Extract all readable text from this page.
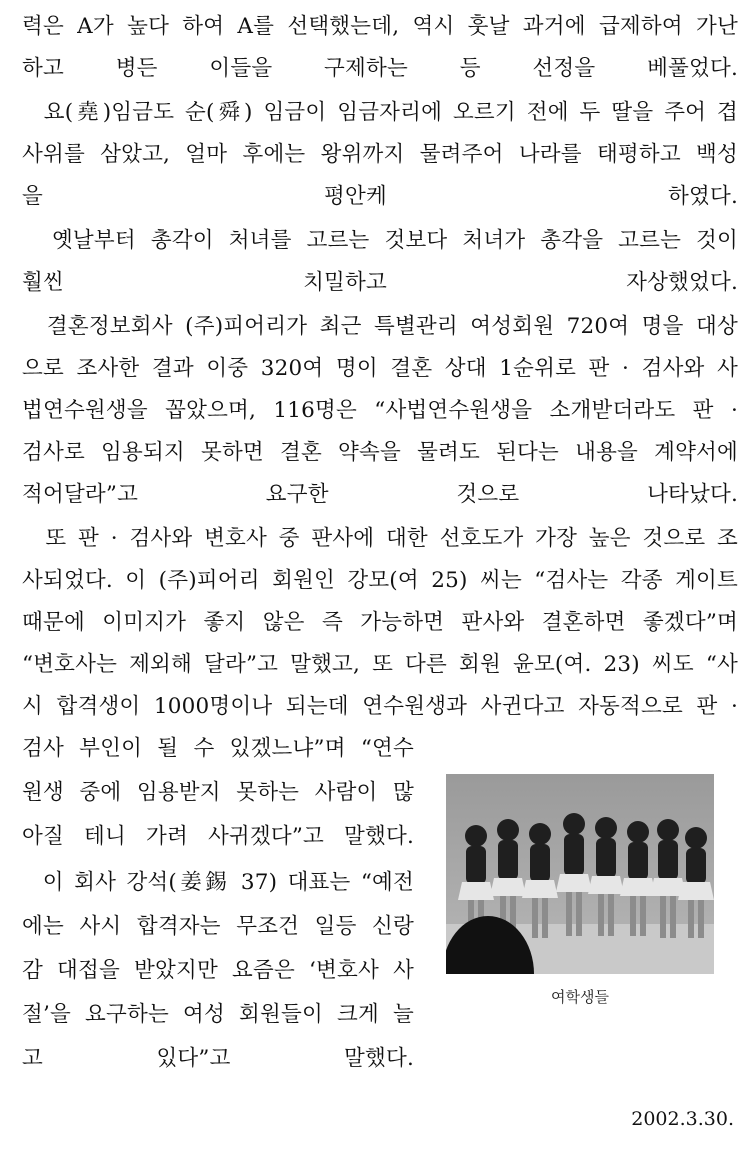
력은 A가 높다 하여 A를 선택했는데, 역시 훗날 과거에 급제하여 가난
하고 병든 이들을 구제하는 등 선정을 베풀었다.
요(堯)임금도 순(舜) 임금이 임금자리에 오르기 전에 두 딸을 주어 겹
사위를 삼았고, 얼마 후에는 왕위까지 물려주어 나라를 태평하고 백성
을 평안케 하였다.
옛날부터 총각이 처녀를 고르는 것보다 처녀가 총각을 고르는 것이
훨씬 치밀하고 자상했었다.
결혼정보회사 (주)피어리가 최근 특별관리 여성회원 720여 명을 대상
으로 조사한 결과 이중 320여 명이 결혼 상대 1순위로 판 · 검사와 사
법연수원생을 꼽았으며, 116명은 “사법연수원생을 소개받더라도 판 ·
검사로 임용되지 못하면 결혼 약속을 물려도 된다는 내용을 계약서에
적어달라”고 요구한 것으로 나타났다.
또 판 · 검사와 변호사 중 판사에 대한 선호도가 가장 높은 것으로 조
사되었다. 이 (주)피어리 회원인 강모(여 25) 씨는 “검사는 각종 게이트
때문에 이미지가 좋지 않은 즉 가능하면 판사와 결혼하면 좋겠다”며
“변호사는 제외해 달라”고 말했고, 또 다른 회원 윤모(여. 23) 씨도 “사
시 합격생이 1000명이나 되는데 연수원생과 사귄다고 자동적으로 판 ·
검사 부인이 될 수 있겠느냐”며 “연수
원생 중에 임용받지 못하는 사람이 많
아질 테니 가려 사귀겠다”고 말했다.
이 회사 강석(姜錫 37) 대표는 “예전
에는 사시 합격자는 무조건 일등 신랑
감 대접을 받았지만 요즘은 ‘변호사 사
절’을 요구하는 여성 회원들이 크게 늘
고 있다”고 말했다.
여학생들
2002.3.30.
